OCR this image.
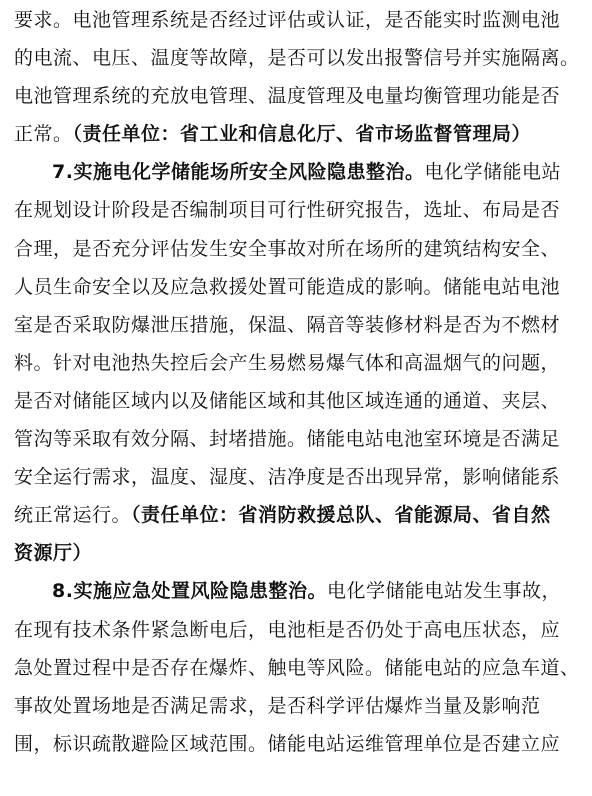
要求。电池管理系统是否经过评估或认证，是否能实时监测电池
的电流、电压、温度等故障，是否可以发出报警信号并实施隔离。
电池管理系统的充放电管理、温度管理及电量均衡管理功能是否
正常。（责任单位：省工业和信息化厅、省市场监督管理局）
7.实施电化学储能场所安全风险隐患整治。电化学储能电站
在规划设计阶段是否编制项目可行性研究报告，选址、布局是否
合理，是否充分评估发生安全事故对所在场所的建筑结构安全、
人员生命安全以及应急救援处置可能造成的影响。储能电站电池
室是否采取防爆泄压措施，保温、隔音等装修材料是否为不燃材
料。针对电池热失控后会产生易燃易爆气体和高温烟气的问题，
是否对储能区域内以及储能区域和其他区域连通的通道、夹层、
管沟等采取有效分隔、封堵措施。储能电站电池室环境是否满足
安全运行需求，温度、湿度、洁净度是否出现异常，影响储能系
统正常运行。（责任单位：省消防救援总队、省能源局、省自然
资源厅）
8.实施应急处置风险隐患整治。电化学储能电站发生事故，
在现有技术条件紧急断电后，电池柜是否仍处于高电压状态，应
急处置过程中是否存在爆炸、触电等风险。储能电站的应急车道、
事故处置场地是否满足需求，是否科学评估爆炸当量及影响范
围，标识疏散避险区域范围。储能电站运维管理单位是否建立应
